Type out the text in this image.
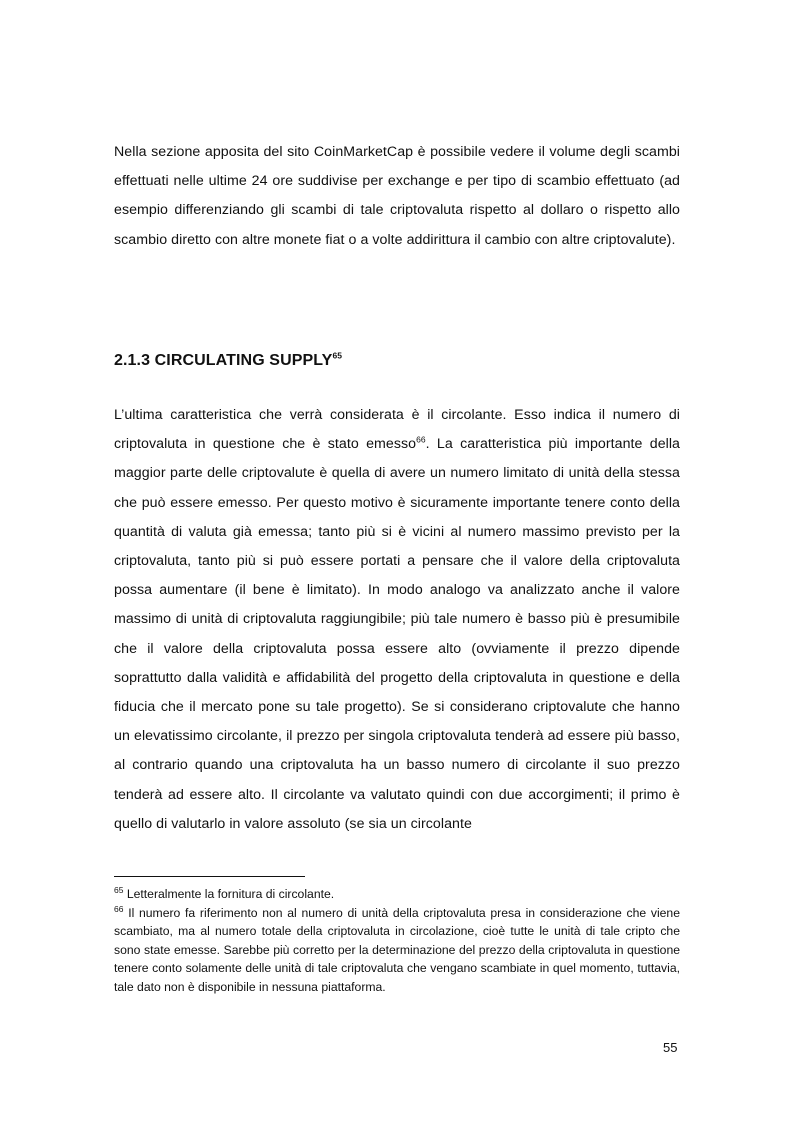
Nella sezione apposita del sito CoinMarketCap è possibile vedere il volume degli scambi effettuati nelle ultime 24 ore suddivise per exchange e per tipo di scambio effettuato (ad esempio differenziando gli scambi di tale criptovaluta rispetto al dollaro o rispetto allo scambio diretto con altre monete fiat o a volte addirittura il cambio con altre criptovalute).

2.1.3 CIRCULATING SUPPLY$^{65}$

L’ultima caratteristica che verrà considerata è il circolante. Esso indica il numero di criptovaluta in questione che è stato emesso$^{66}$. La caratteristica più importante della maggior parte delle criptovalute è quella di avere un numero limitato di unità della stessa che può essere emesso. Per questo motivo è sicuramente importante tenere conto della quantità di valuta già emessa; tanto più si è vicini al numero massimo previsto per la criptovaluta, tanto più si può essere portati a pensare che il valore della criptovaluta possa aumentare (il bene è limitato). In modo analogo va analizzato anche il valore massimo di unità di criptovaluta raggiungibile; più tale numero è basso più è presumibile che il valore della criptovaluta possa essere alto (ovviamente il prezzo dipende soprattutto dalla validità e affidabilità del progetto della criptovaluta in questione e della fiducia che il mercato pone su tale progetto). Se si considerano criptovalute che hanno un elevatissimo circolante, il prezzo per singola criptovaluta tenderà ad essere più basso, al contrario quando una criptovaluta ha un basso numero di circolante il suo prezzo tenderà ad essere alto. Il circolante va valutato quindi con due accorgimenti; il primo è quello di valutarlo in valore assoluto (se sia un circolante

$^{65}$ Letteralmente la fornitura di circolante.

$^{66}$ Il numero fa riferimento non al numero di unità della criptovaluta presa in considerazione che viene scambiato, ma al numero totale della criptovaluta in circolazione, cioè tutte le unità di tale cripto che sono state emesse. Sarebbe più corretto per la determinazione del prezzo della criptovaluta in questione tenere conto solamente delle unità di tale criptovaluta che vengano scambiate in quel momento, tuttavia, tale dato non è disponibile in nessuna piattaforma.

55
